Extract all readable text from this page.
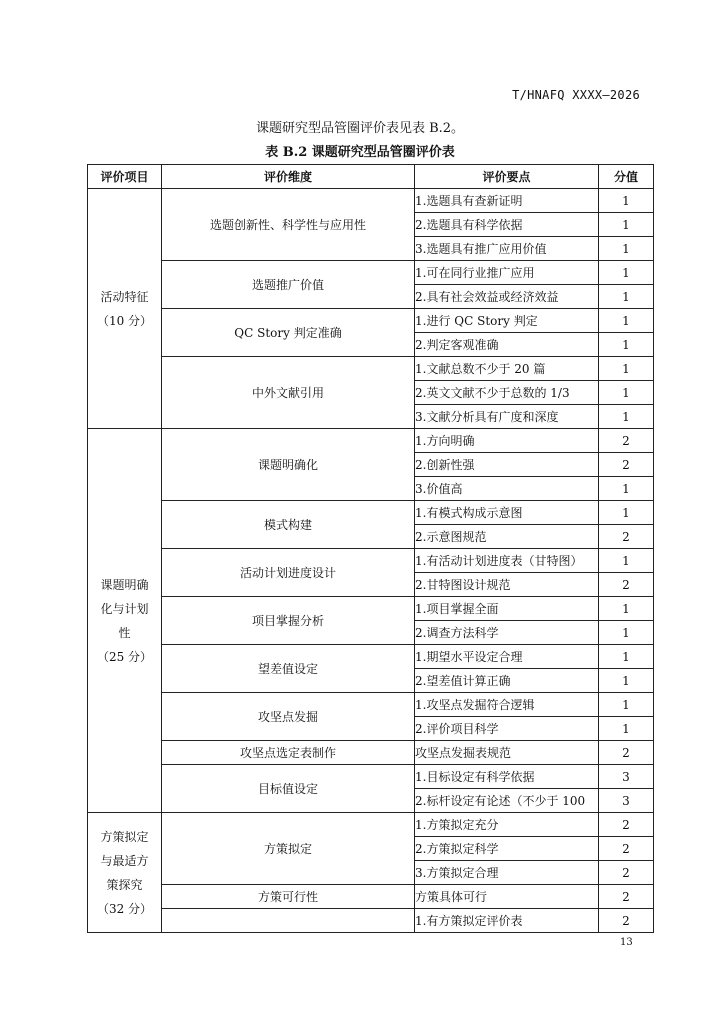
T/HNAFQ XXXX—2026
课题研究型品管圈评价表见表 B.2。
表 B.2 课题研究型品管圈评价表
评价项目	评价维度	评价要点	分值

活动特征
（10 分）	选题创新性、科学性与应用性	1.选题具有查新证明	1
		2.选题具有科学依据	1
		3.选题具有推广应用价值	1
	选题推广价值	1.可在同行业推广应用	1
		2.具有社会效益或经济效益	1
	QC Story 判定准确	1.进行 QC Story 判定	1
		2.判定客观准确	1
	中外文献引用	1.文献总数不少于 20 篇	1
		2.英文文献不少于总数的 1/3	1
		3.文献分析具有广度和深度	1

课题明确
化与计划
性
（25 分）	课题明确化	1.方向明确	2
		2.创新性强	2
		3.价值高	1
	模式构建	1.有模式构成示意图	1
		2.示意图规范	2
	活动计划进度设计	1.有活动计划进度表（甘特图）	1
		2.甘特图设计规范	2
	项目掌握分析	1.项目掌握全面	1
		2.调查方法科学	1
	望差值设定	1.期望水平设定合理	1
		2.望差值计算正确	1
	攻坚点发掘	1.攻坚点发掘符合逻辑	1
		2.评价项目科学	1
	攻坚点选定表制作	攻坚点发掘表规范	2
	目标值设定	1.目标设定有科学依据	3
		2.标杆设定有论述（不少于 100	3

方策拟定
与最适方
策探究
（32 分）	方策拟定	1.方策拟定充分	2
		2.方策拟定科学	2
		3.方策拟定合理	2
	方策可行性	方策具体可行	2
		1.有方策拟定评价表	2
13
